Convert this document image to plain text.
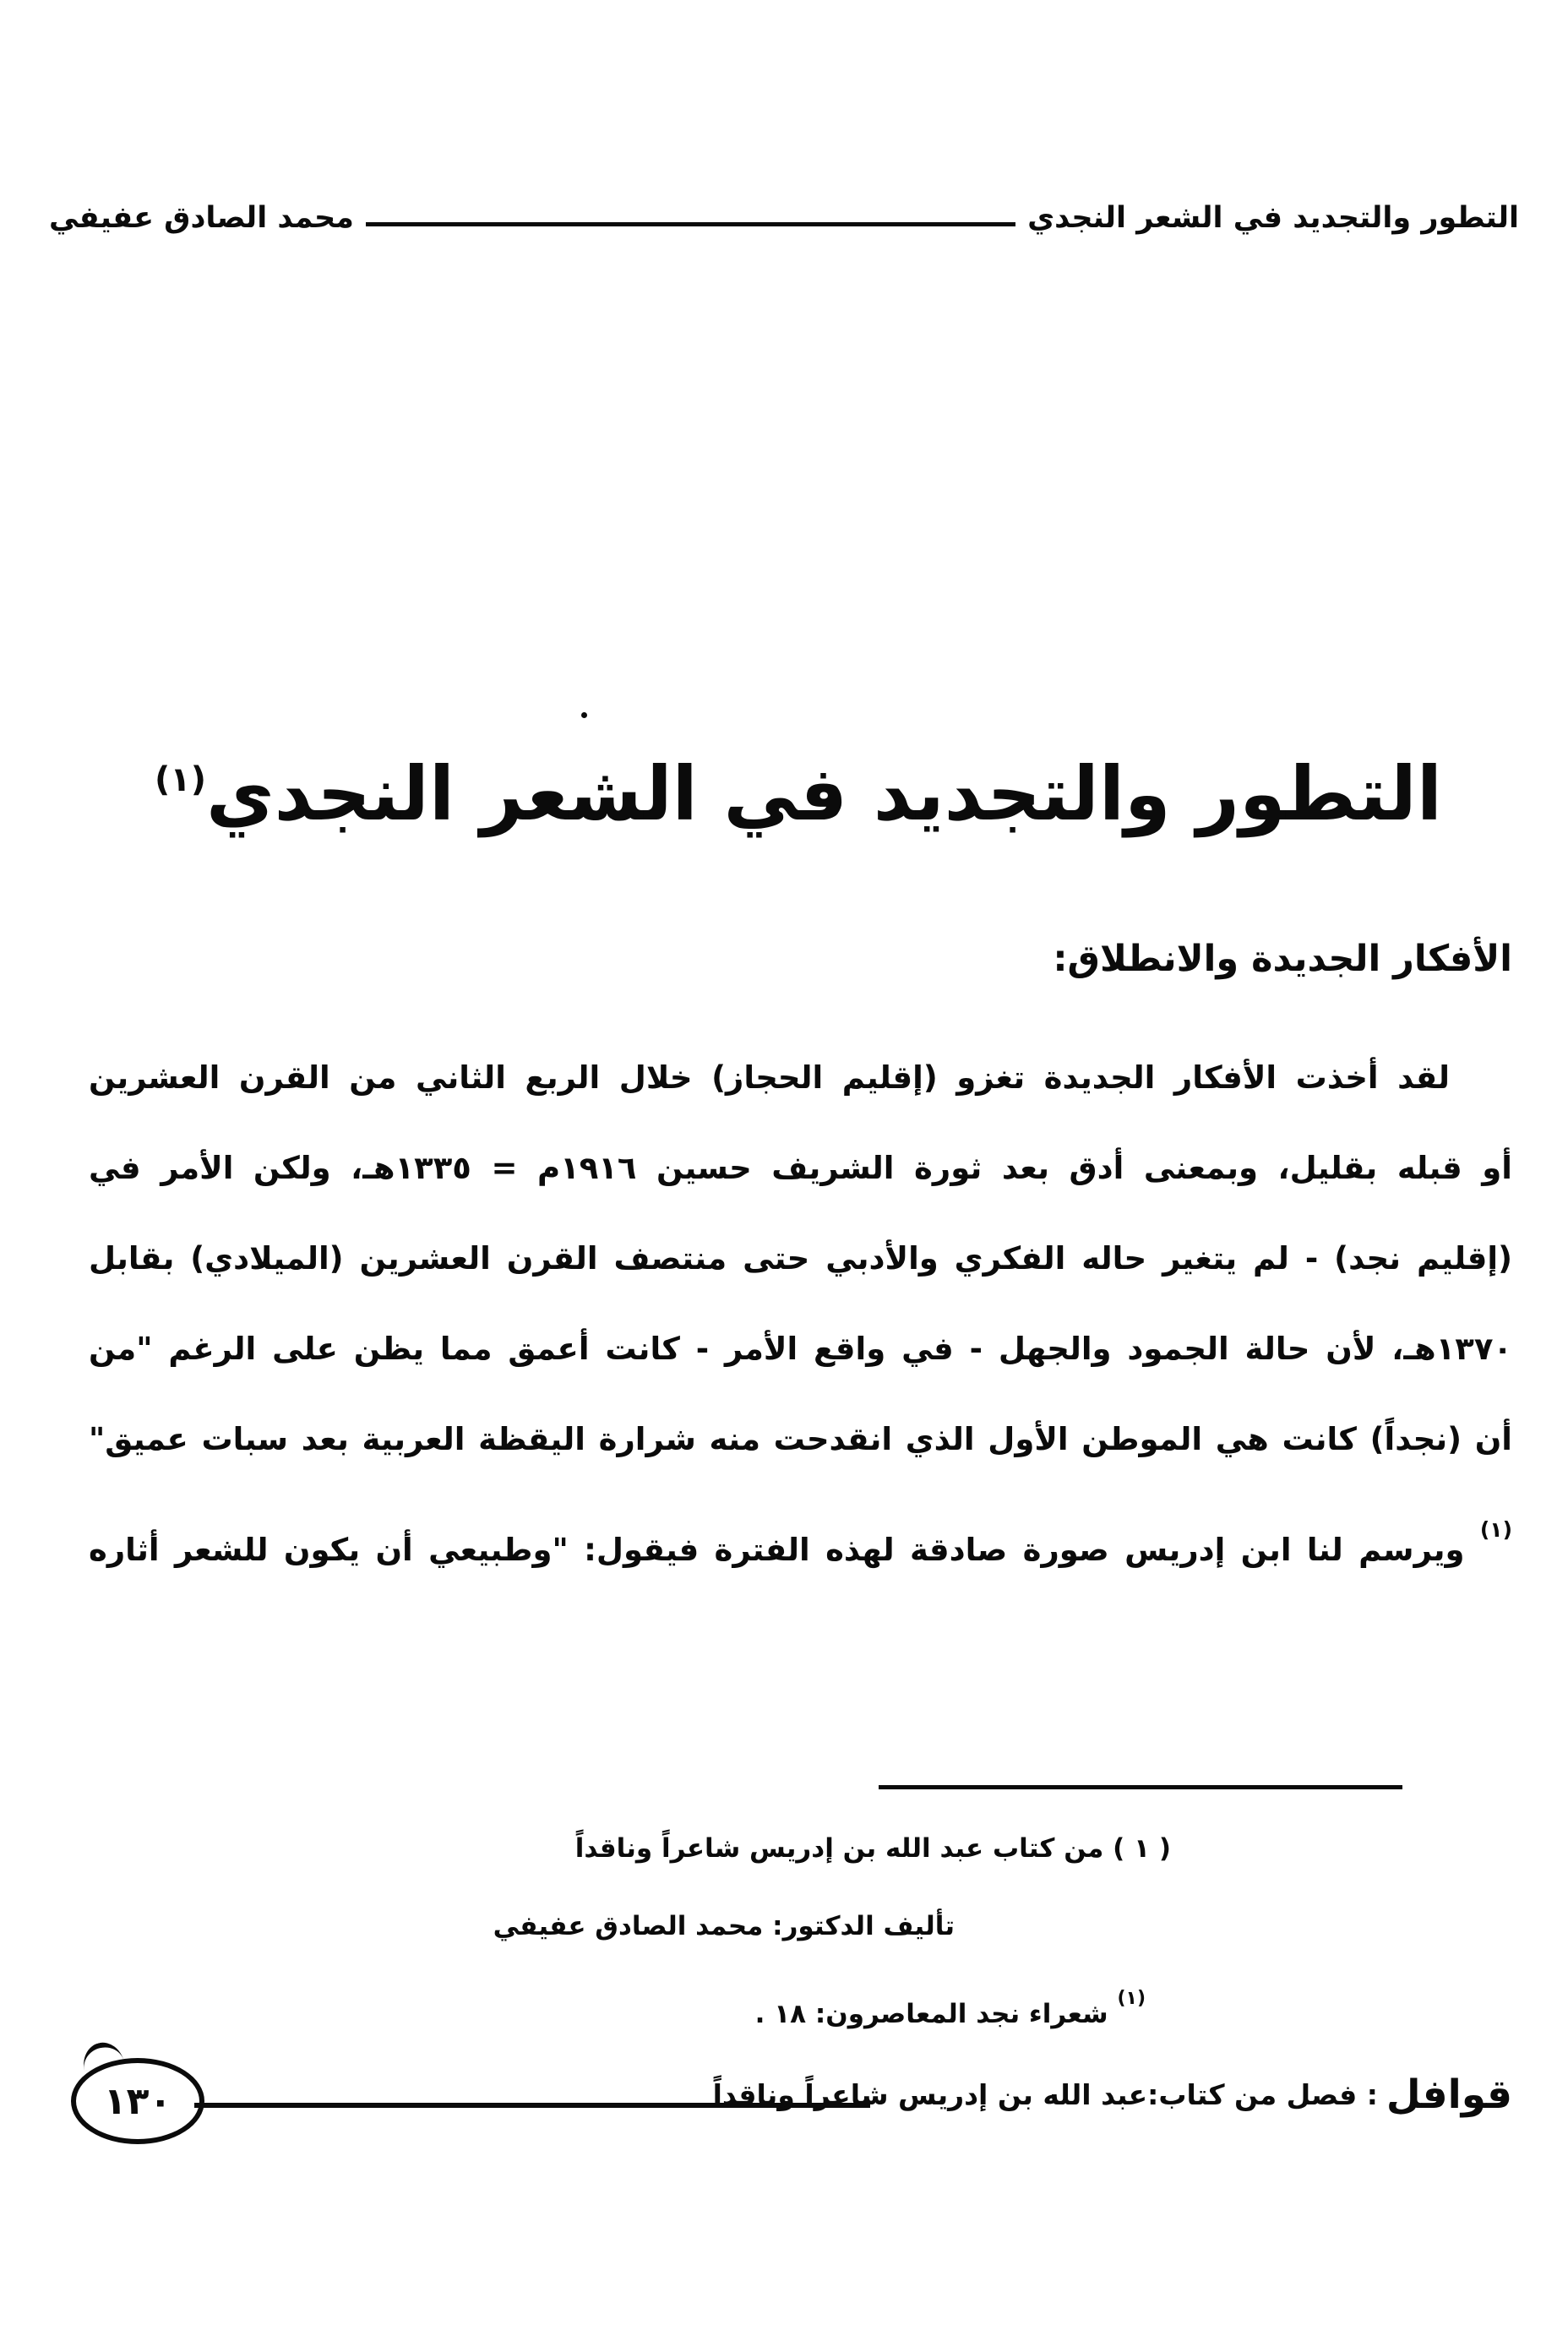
التطور والتجديد في الشعر النجدي
محمد الصادق عفيفي
التطور والتجديد في الشعر النجدي$^{(١)}$
الأفكار الجديدة والانطلاق:
لقد أخذت الأفكار الجديدة تغزو (إقليم الحجاز) خلال الربع الثاني من القرن العشرين
أو قبله بقليل، وبمعنى أدق بعد ثورة الشريف حسين ١٩١٦م = ١٣٣٥هـ، ولكن الأمر في
(إقليم نجد) - لم يتغير حاله الفكري والأدبي حتى منتصف القرن العشرين (الميلادي) بقابل
١٣٧٠هـ، لأن حالة الجمود والجهل - في واقع الأمر - كانت أعمق مما يظن على الرغم "من
أن (نجداً) كانت هي الموطن الأول الذي انقدحت منه شرارة اليقظة العربية بعد سبات عميق"
$^{(١)}$ ويرسم لنا ابن إدريس صورة صادقة لهذه الفترة فيقول: "وطبيعي أن يكون للشعر أثاره
( ١ ) من كتاب عبد الله بن إدريس شاعراً وناقداً
تأليف الدكتور: محمد الصادق عفيفي
$^{(١)}$ شعراء نجد المعاصرون: ١٨ .
١٣٠	قوافل
: فصل من كتاب:عبد الله بن إدريس شاعراً وناقداً
